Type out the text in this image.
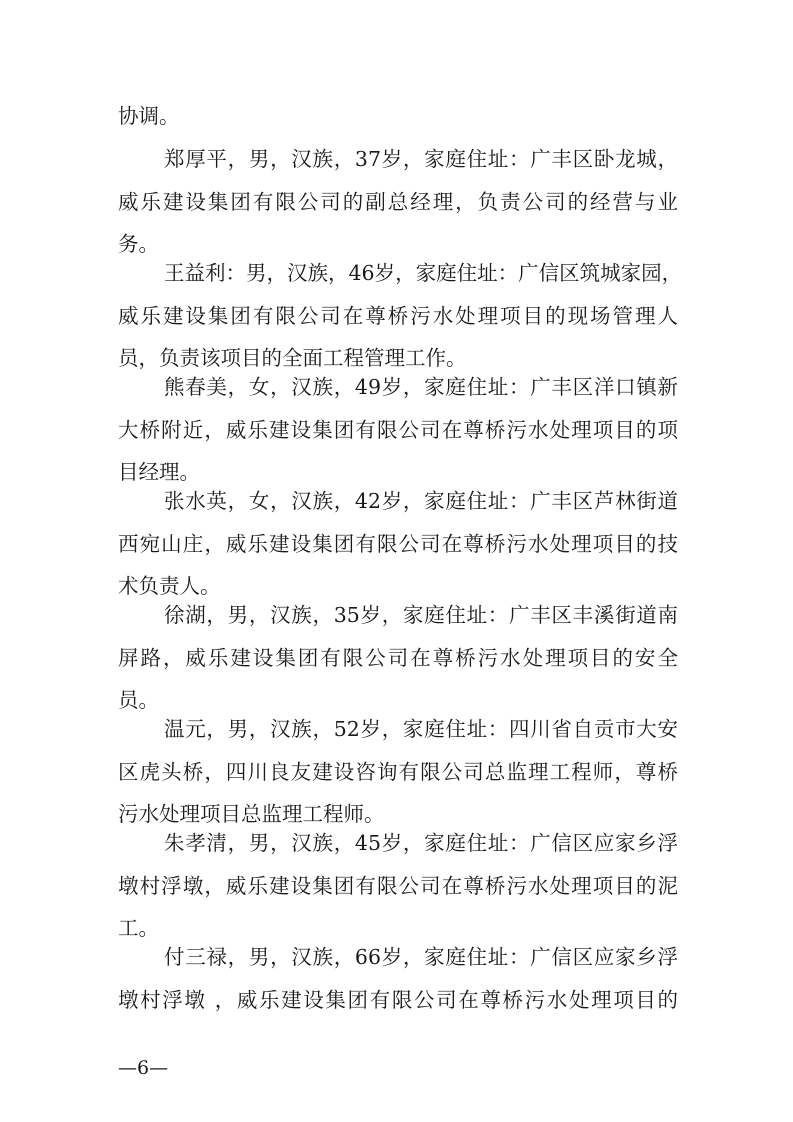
协调。
郑厚平，男，汉族，37岁，家庭住址：广丰区卧龙城，
威乐建设集团有限公司的副总经理，负责公司的经营与业
务。
王益利：男，汉族，46岁，家庭住址：广信区筑城家园，
威乐建设集团有限公司在尊桥污水处理项目的现场管理人
员，负责该项目的全面工程管理工作。
熊春美，女，汉族，49岁，家庭住址：广丰区洋口镇新
大桥附近，威乐建设集团有限公司在尊桥污水处理项目的项
目经理。
张水英，女，汉族，42岁，家庭住址：广丰区芦林街道
西宛山庄，威乐建设集团有限公司在尊桥污水处理项目的技
术负责人。
徐湖，男，汉族，35岁，家庭住址：广丰区丰溪街道南
屏路，威乐建设集团有限公司在尊桥污水处理项目的安全
员。
温元，男，汉族，52岁，家庭住址：四川省自贡市大安
区虎头桥，四川良友建设咨询有限公司总监理工程师，尊桥
污水处理项目总监理工程师。
朱孝清，男，汉族，45岁，家庭住址：广信区应家乡浮
墩村浮墩，威乐建设集团有限公司在尊桥污水处理项目的泥
工。
付三禄，男，汉族，66岁，家庭住址：广信区应家乡浮
墩村浮墩 ，威乐建设集团有限公司在尊桥污水处理项目的
—6—
